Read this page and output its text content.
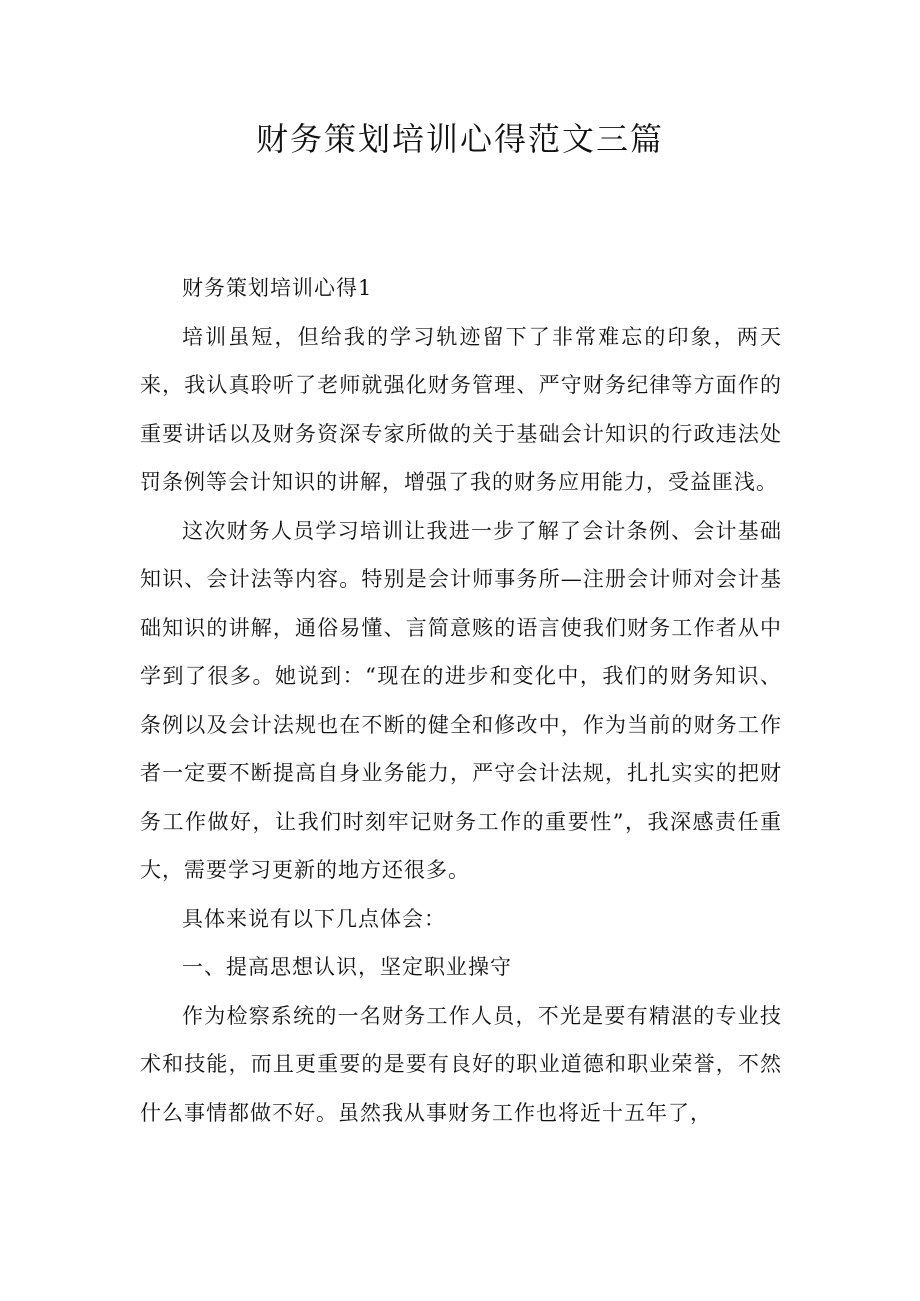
财务策划培训心得范文三篇

财务策划培训心得1

培训虽短，但给我的学习轨迹留下了非常难忘的印象，两天来，我认真聆听了老师就强化财务管理、严守财务纪律等方面作的重要讲话以及财务资深专家所做的关于基础会计知识的行政违法处罚条例等会计知识的讲解，增强了我的财务应用能力，受益匪浅。

这次财务人员学习培训让我进一步了解了会计条例、会计基础知识、会计法等内容。特别是会计师事务所—注册会计师对会计基础知识的讲解，通俗易懂、言简意赅的语言使我们财务工作者从中学到了很多。她说到：“现在的进步和变化中，我们的财务知识、条例以及会计法规也在不断的健全和修改中，作为当前的财务工作者一定要不断提高自身业务能力，严守会计法规，扎扎实实的把财务工作做好，让我们时刻牢记财务工作的重要性”，我深感责任重大，需要学习更新的地方还很多。

具体来说有以下几点体会：

一、提高思想认识，坚定职业操守

作为检察系统的一名财务工作人员，不光是要有精湛的专业技术和技能，而且更重要的是要有良好的职业道德和职业荣誉，不然什么事情都做不好。虽然我从事财务工作也将近十五年了，
